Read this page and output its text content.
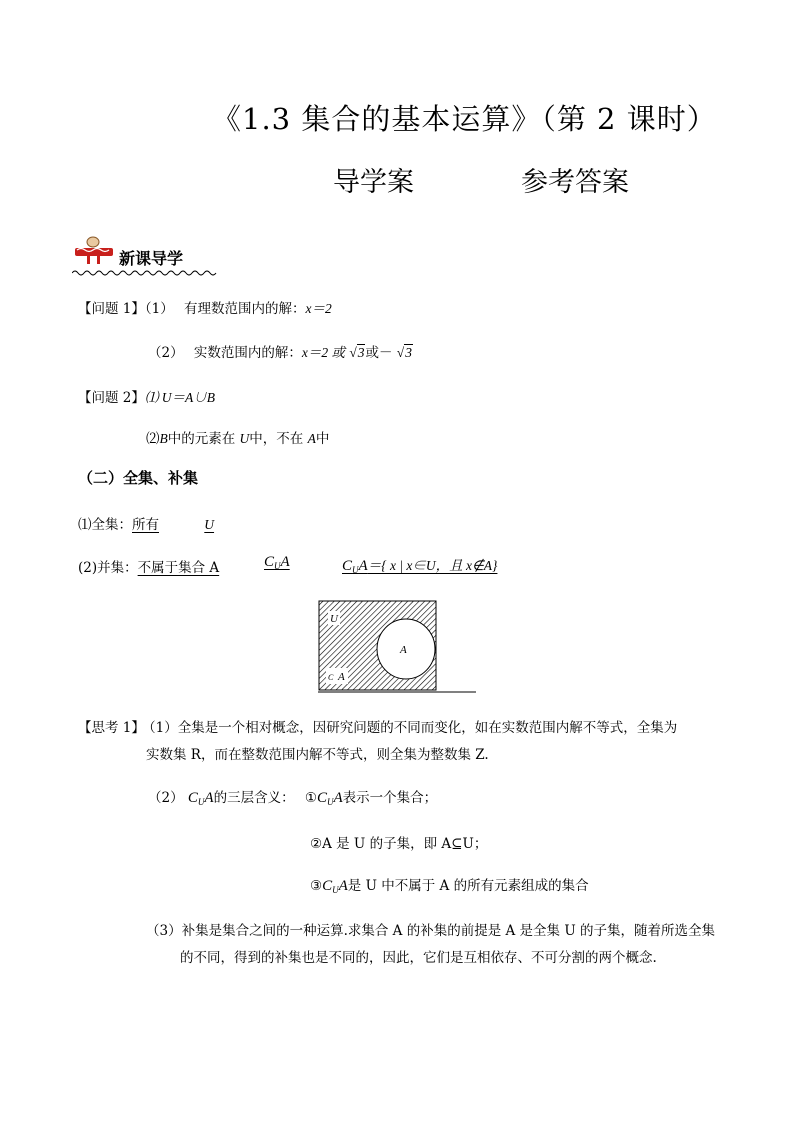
《1.3 集合的基本运算》（第 2 课时）
导学案	参考答案
新课导学
【问题 1】（1） 有理数范围内的解：x＝2
（2） 实数范围内的解：x＝2 或 √3或－ √3
【问题 2】⑴ U＝A∪B
⑵B中的元素在 U中，不在 A中
（二）全集、补集
⑴全集：所有	U
(2)并集：不属于集合 A	$C_UA$	$C_UA=${ x | x∈U，且 x∉A}
U
A
C A
【思考 1】 （1）全集是一个相对概念，因研究问题的不同而变化，如在实数范围内解不等式，全集为
实数集 R，而在整数范围内解不等式，则全集为整数集 Z.
（2） $C_UA$的三层含义： $①C_UA$表示一个集合；
②A 是 U 的子集，即 A⊆U；
$③C_UA$是 U 中不属于 A 的所有元素组成的集合
（3）补集是集合之间的一种运算.求集合 A 的补集的前提是 A 是全集 U 的子集，随着所选全集
的不同，得到的补集也是不同的，因此，它们是互相依存、不可分割的两个概念.
